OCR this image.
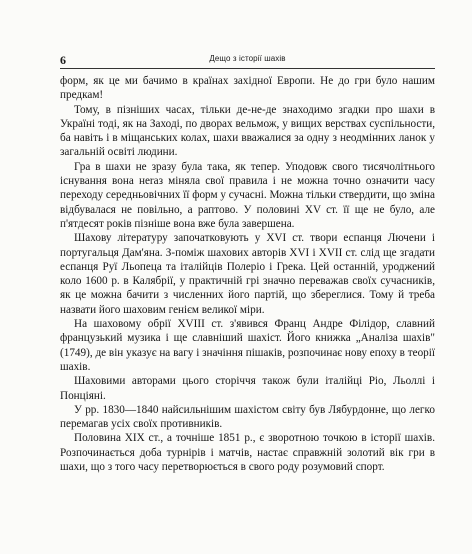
6	Дещо з історії шахів

форм, як це ми бачимо в країнах західної Европи. Не до гри було нашим предкам!

Тому, в пізніших часах, тільки де-не-де знаходимо згадки про шахи в Україні тоді, як на Заході, по дворах вельмож, у вищих верствах суспільности, ба навіть і в міщанських колах, шахи вважалися за одну з неодмінних ланок у загальній освіті людини.

Гра в шахи не зразу була така, як тепер. Уподовж свого тисячолітнього існування вона неraз міняла свої правила і не можна точно означити часу переходу середньовічних її форм у сучасні. Можна тільки ствердити, що зміна відбувалася не повільно, а раптово. У половині XV ст. її ще не було, але п'ятдесят років пізніше вона вже була завершена.

Шахову літературу започатковують у XVI ст. твори еспанця Лючени і португальця Дам'яна. З-поміж шахових авторів XVI і XVII ст. слід ще згадати еспанця Руї Льопеца та італійців Полеріо і Грека. Цей останній, уроджений коло 1600 р. в Калябрії, у практичній грі значно переважав своїх сучасників, як це можна бачити з численних його партій, що збереглися. Тому й треба назвати його шаховим генієм великої міри.

На шаховому обрії XVIII ст. з'явився Франц Андре Філідор, славний французький музика і ще славніший шахіст. Його книжка „Аналіза шахів" (1749), де він указує на вагу і значіння пішаків, розпочинає нову епоху в теорії шахів.

Шаховими авторами цього сторіччя також були італійці Ріо, Льоллі і Понціяні.

У рр. 1830—1840 найсильнішим шахістом світу був Лябурдонне, що легко перемагав усіх своїх противників.

Половина XIX ст., а точніше 1851 р., є зворотною точкою в історії шахів. Розпочинається доба турнірів і матчів, настає справжній золотий вік гри в шахи, що з того часу перетворюється в свого роду розумовий спорт.
